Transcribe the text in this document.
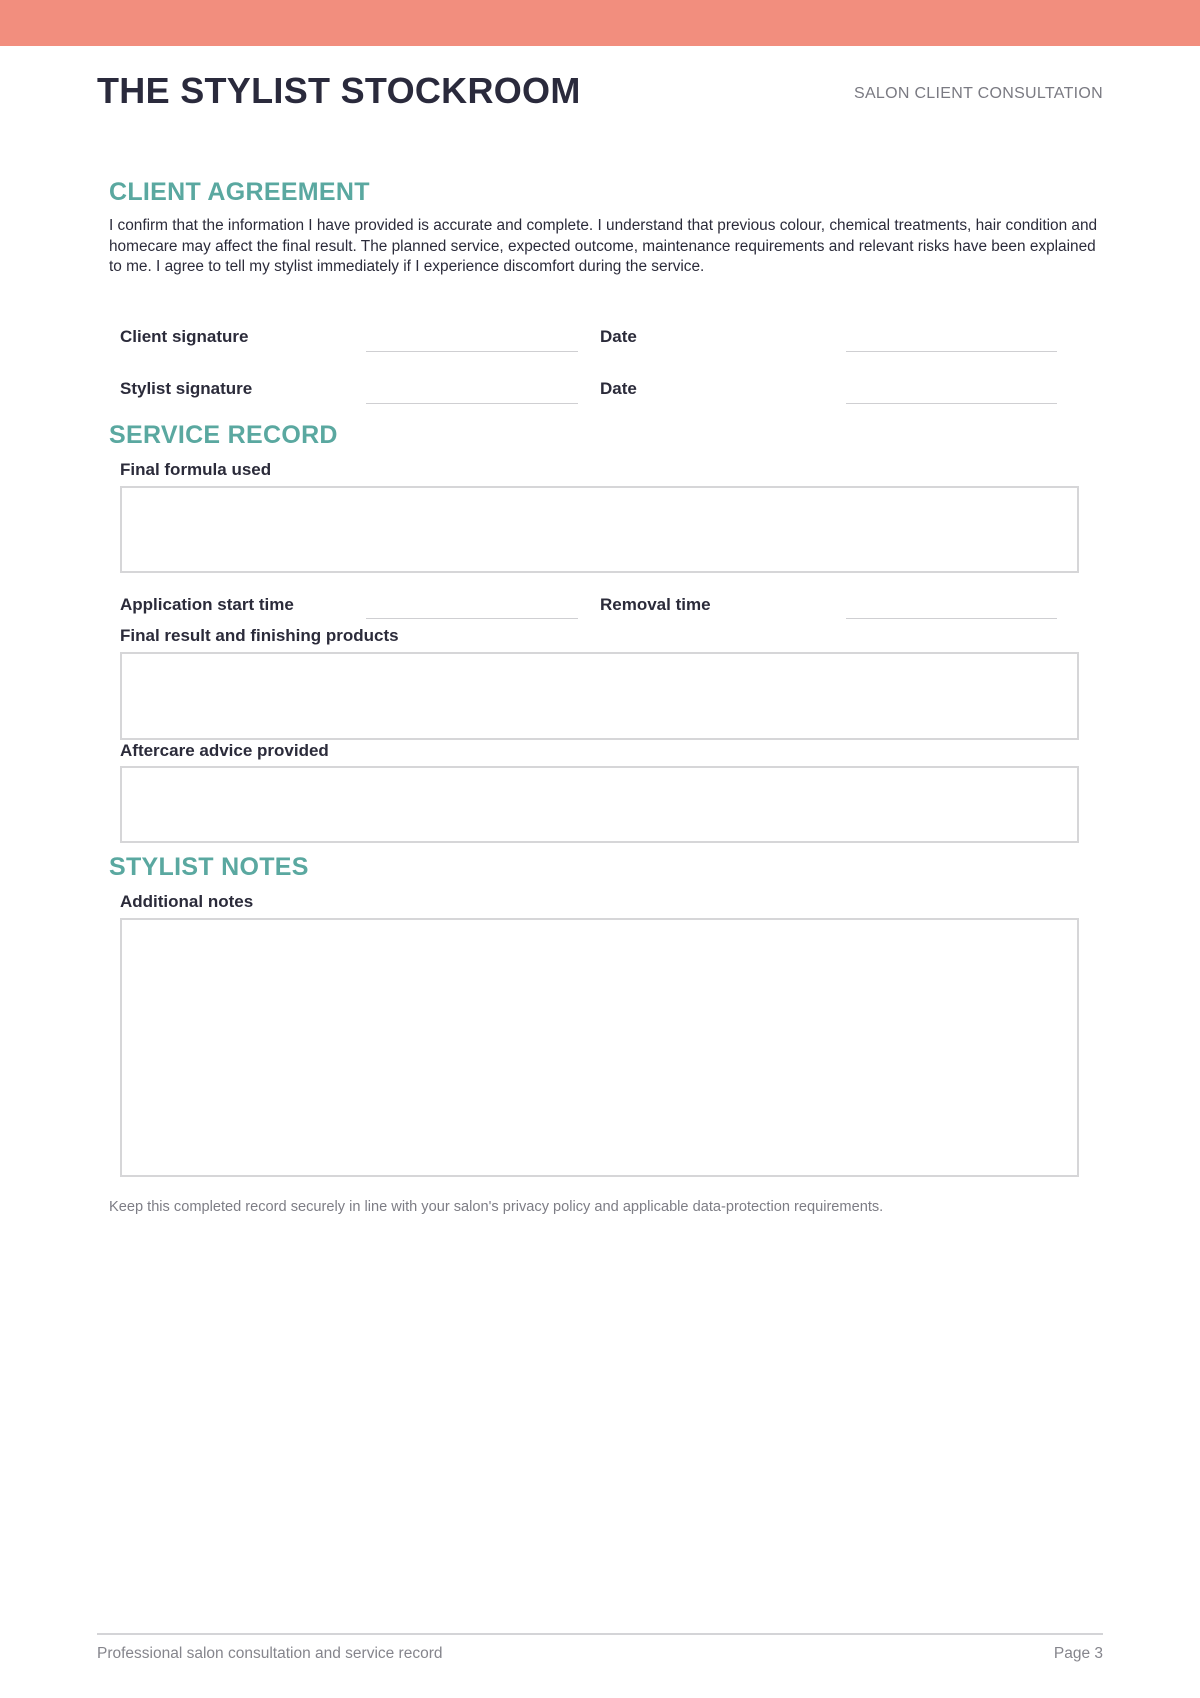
THE STYLIST STOCKROOM	SALON CLIENT CONSULTATION
CLIENT AGREEMENT
I confirm that the information I have provided is accurate and complete. I understand that previous colour, chemical treatments, hair condition and homecare may affect the final result. The planned service, expected outcome, maintenance requirements and relevant risks have been explained to me. I agree to tell my stylist immediately if I experience discomfort during the service.
Client signature	Date
Stylist signature	Date
SERVICE RECORD
Final formula used
Application start time	Removal time
Final result and finishing products
Aftercare advice provided
STYLIST NOTES
Additional notes
Keep this completed record securely in line with your salon's privacy policy and applicable data-protection requirements.
Professional salon consultation and service record	Page 3
